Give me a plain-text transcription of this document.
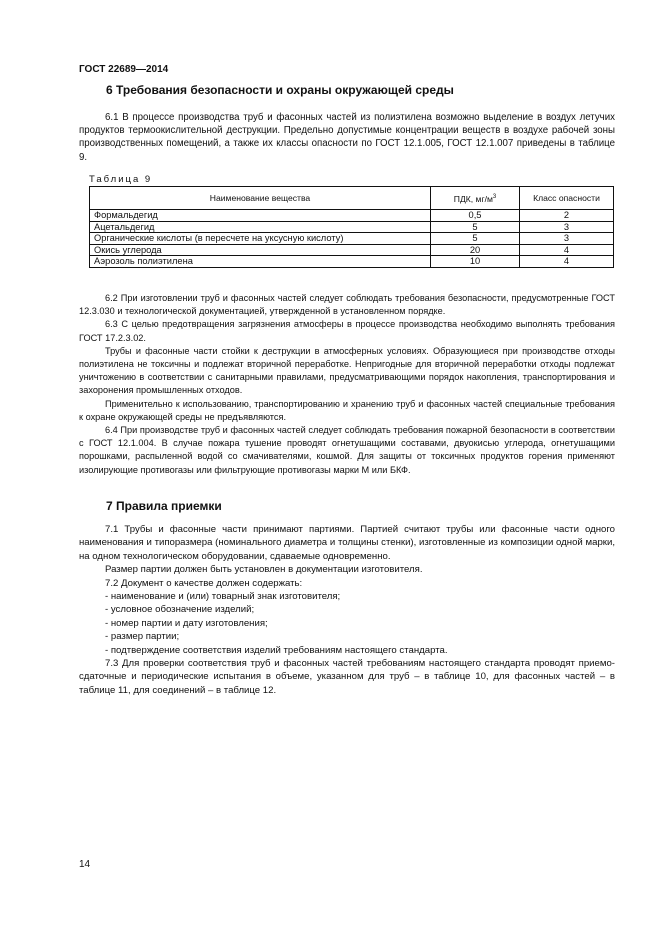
ГОСТ 22689—2014
6 Требования безопасности и охраны окружающей среды

6.1 В процессе производства труб и фасонных частей из полиэтилена возможно выделение в воздух летучих продуктов термоокислительной деструкции. Предельно допустимые концентрации веществ в воздухе рабочей зоны производственных помещений, а также их классы опасности по ГОСТ 12.1.005, ГОСТ 12.1.007 приведены в таблице 9.

Таблица 9
Наименование вещества	ПДК, $мг/м^3$	Класс опасности
Формальдегид	0,5	2
Ацетальдегид	5	3
Органические кислоты (в пересчете на уксусную кислоту)	5	3
Окись углерода	20	4
Аэрозоль полиэтилена	10	4

6.2 При изготовлении труб и фасонных частей следует соблюдать требования безопасности, предусмотренные ГОСТ 12.3.030 и технологической документацией, утвержденной в установленном порядке.

6.3 С целью предотвращения загрязнения атмосферы в процессе производства необходимо выполнять требования ГОСТ 17.2.3.02.

Трубы и фасонные части стойки к деструкции в атмосферных условиях. Образующиеся при производстве отходы полиэтилена не токсичны и подлежат вторичной переработке. Непригодные для вторичной переработки отходы подлежат уничтожению в соответствии с санитарными правилами, предусматривающими порядок накопления, транспортирования и захоронения промышленных отходов.

Применительно к использованию, транспортированию и хранению труб и фасонных частей специальные требования к охране окружающей среды не предъявляются.

6.4 При производстве труб и фасонных частей следует соблюдать требования пожарной безопасности в соответствии с ГОСТ 12.1.004. В случае пожара тушение проводят огнетушащими составами, двуокисью углерода, огнетушащими порошками, распыленной водой со смачивателями, кошмой. Для защиты от токсичных продуктов горения применяют изолирующие противогазы или фильтрующие противогазы марки М или БКФ.

7 Правила приемки

7.1 Трубы и фасонные части принимают партиями. Партией считают трубы или фасонные части одного наименования и типоразмера (номинального диаметра и толщины стенки), изготовленные из композиции одной марки, на одном технологическом оборудовании, сдаваемые одновременно.

Размер партии должен быть установлен в документации изготовителя.

7.2 Документ о качестве должен содержать:

- наименование и (или) товарный знак изготовителя;

- условное обозначение изделий;

- номер партии и дату изготовления;

- размер партии;

- подтверждение соответствия изделий требованиям настоящего стандарта.

7.3 Для проверки соответствия труб и фасонных частей требованиям настоящего стандарта проводят приемо-сдаточные и периодические испытания в объеме, указанном для труб – в таблице 10, для фасонных частей – в таблице 11, для соединений – в таблице 12.

14
